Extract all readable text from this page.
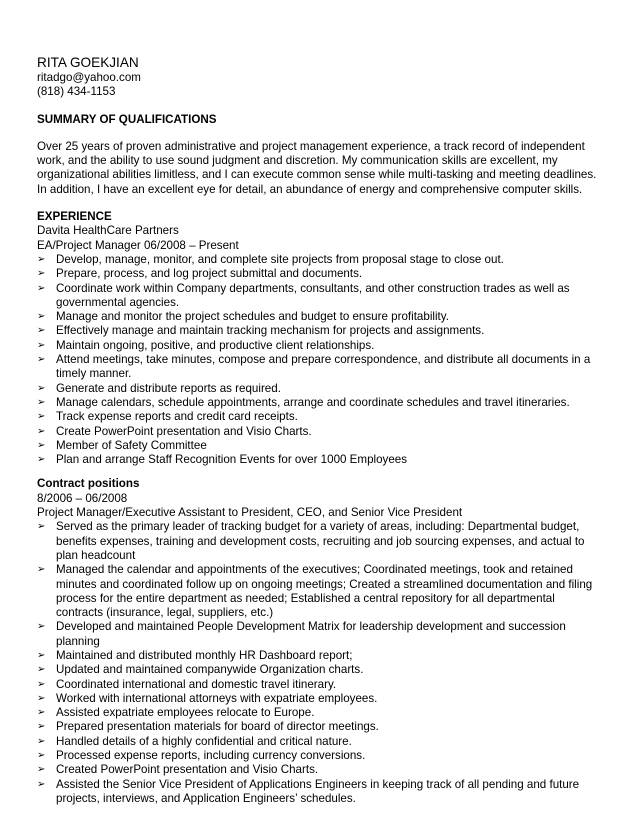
RITA GOEKJIAN
ritadgo@yahoo.com
(818) 434-1153
SUMMARY OF QUALIFICATIONS

Over 25 years of proven administrative and project management experience, a track record of independent work, and the ability to use sound judgment and discretion. My communication skills are excellent, my organizational abilities limitless, and I can execute common sense while multi-tasking and meeting deadlines. In addition, I have an excellent eye for detail, an abundance of energy and comprehensive computer skills.

EXPERIENCE
Davita HealthCare Partners
EA/Project Manager 06/2008 – Present
➢ Develop, manage, monitor, and complete site projects from proposal stage to close out.
➢ Prepare, process, and log project submittal and documents.
➢ Coordinate work within Company departments, consultants, and other construction trades as well as governmental agencies.
➢ Manage and monitor the project schedules and budget to ensure profitability.
➢ Effectively manage and maintain tracking mechanism for projects and assignments.
➢ Maintain ongoing, positive, and productive client relationships.
➢ Attend meetings, take minutes, compose and prepare correspondence, and distribute all documents in a timely manner.
➢ Generate and distribute reports as required.
➢ Manage calendars, schedule appointments, arrange and coordinate schedules and travel itineraries.
➢ Track expense reports and credit card receipts.
➢ Create PowerPoint presentation and Visio Charts.
➢ Member of Safety Committee
➢ Plan and arrange Staff Recognition Events for over 1000 Employees
Contract positions
8/2006 – 06/2008
Project Manager/Executive Assistant to President, CEO, and Senior Vice President
➢ Served as the primary leader of tracking budget for a variety of areas, including: Departmental budget, benefits expenses, training and development costs, recruiting and job sourcing expenses, and actual to plan headcount
➢ Managed the calendar and appointments of the executives; Coordinated meetings, took and retained minutes and coordinated follow up on ongoing meetings; Created a streamlined documentation and filing process for the entire department as needed; Established a central repository for all departmental contracts (insurance, legal, suppliers, etc.)
➢ Developed and maintained People Development Matrix for leadership development and succession planning
➢ Maintained and distributed monthly HR Dashboard report;
➢ Updated and maintained companywide Organization charts.
➢ Coordinated international and domestic travel itinerary.
➢ Worked with international attorneys with expatriate employees.
➢ Assisted expatriate employees relocate to Europe.
➢ Prepared presentation materials for board of director meetings.
➢ Handled details of a highly confidential and critical nature.
➢ Processed expense reports, including currency conversions.
➢ Created PowerPoint presentation and Visio Charts.
➢ Assisted the Senior Vice President of Applications Engineers in keeping track of all pending and future projects, interviews, and Application Engineers’ schedules.
